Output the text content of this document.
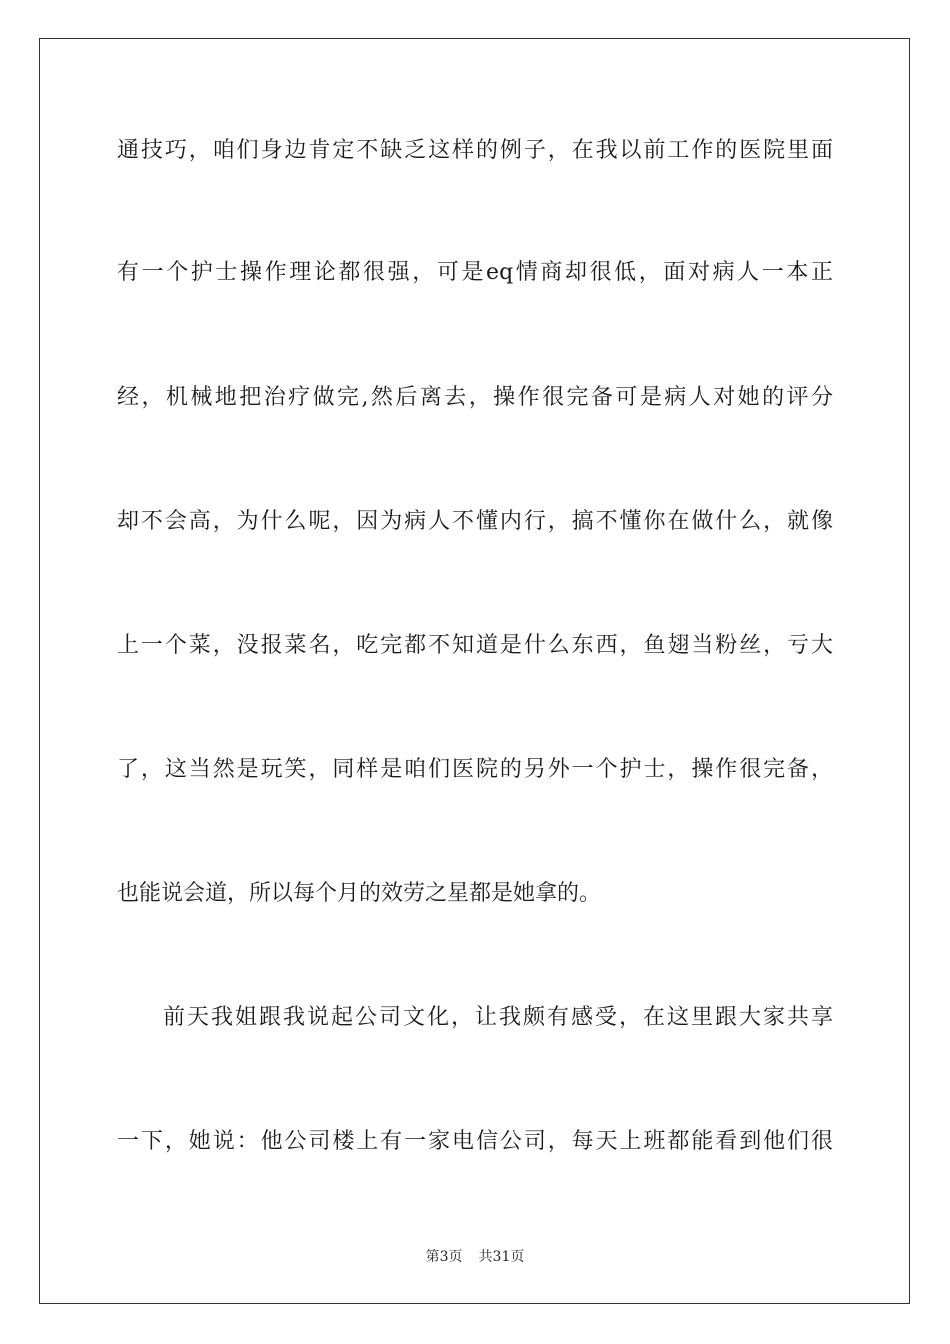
通技巧，咱们身边肯定不缺乏这样的例子，在我以前工作的医院里面
有一个护士操作理论都很强，可是eq情商却很低，面对病人一本正
经，机械地把治疗做完,然后离去，操作很完备可是病人对她的评分
却不会高，为什么呢，因为病人不懂内行，搞不懂你在做什么，就像
上一个菜，没报菜名，吃完都不知道是什么东西，鱼翅当粉丝，亏大
了，这当然是玩笑，同样是咱们医院的另外一个护士，操作很完备，
也能说会道，所以每个月的效劳之星都是她拿的。
前天我姐跟我说起公司文化，让我颇有感受，在这里跟大家共享
一下，她说：他公司楼上有一家电信公司，每天上班都能看到他们很
第3页 共31页
